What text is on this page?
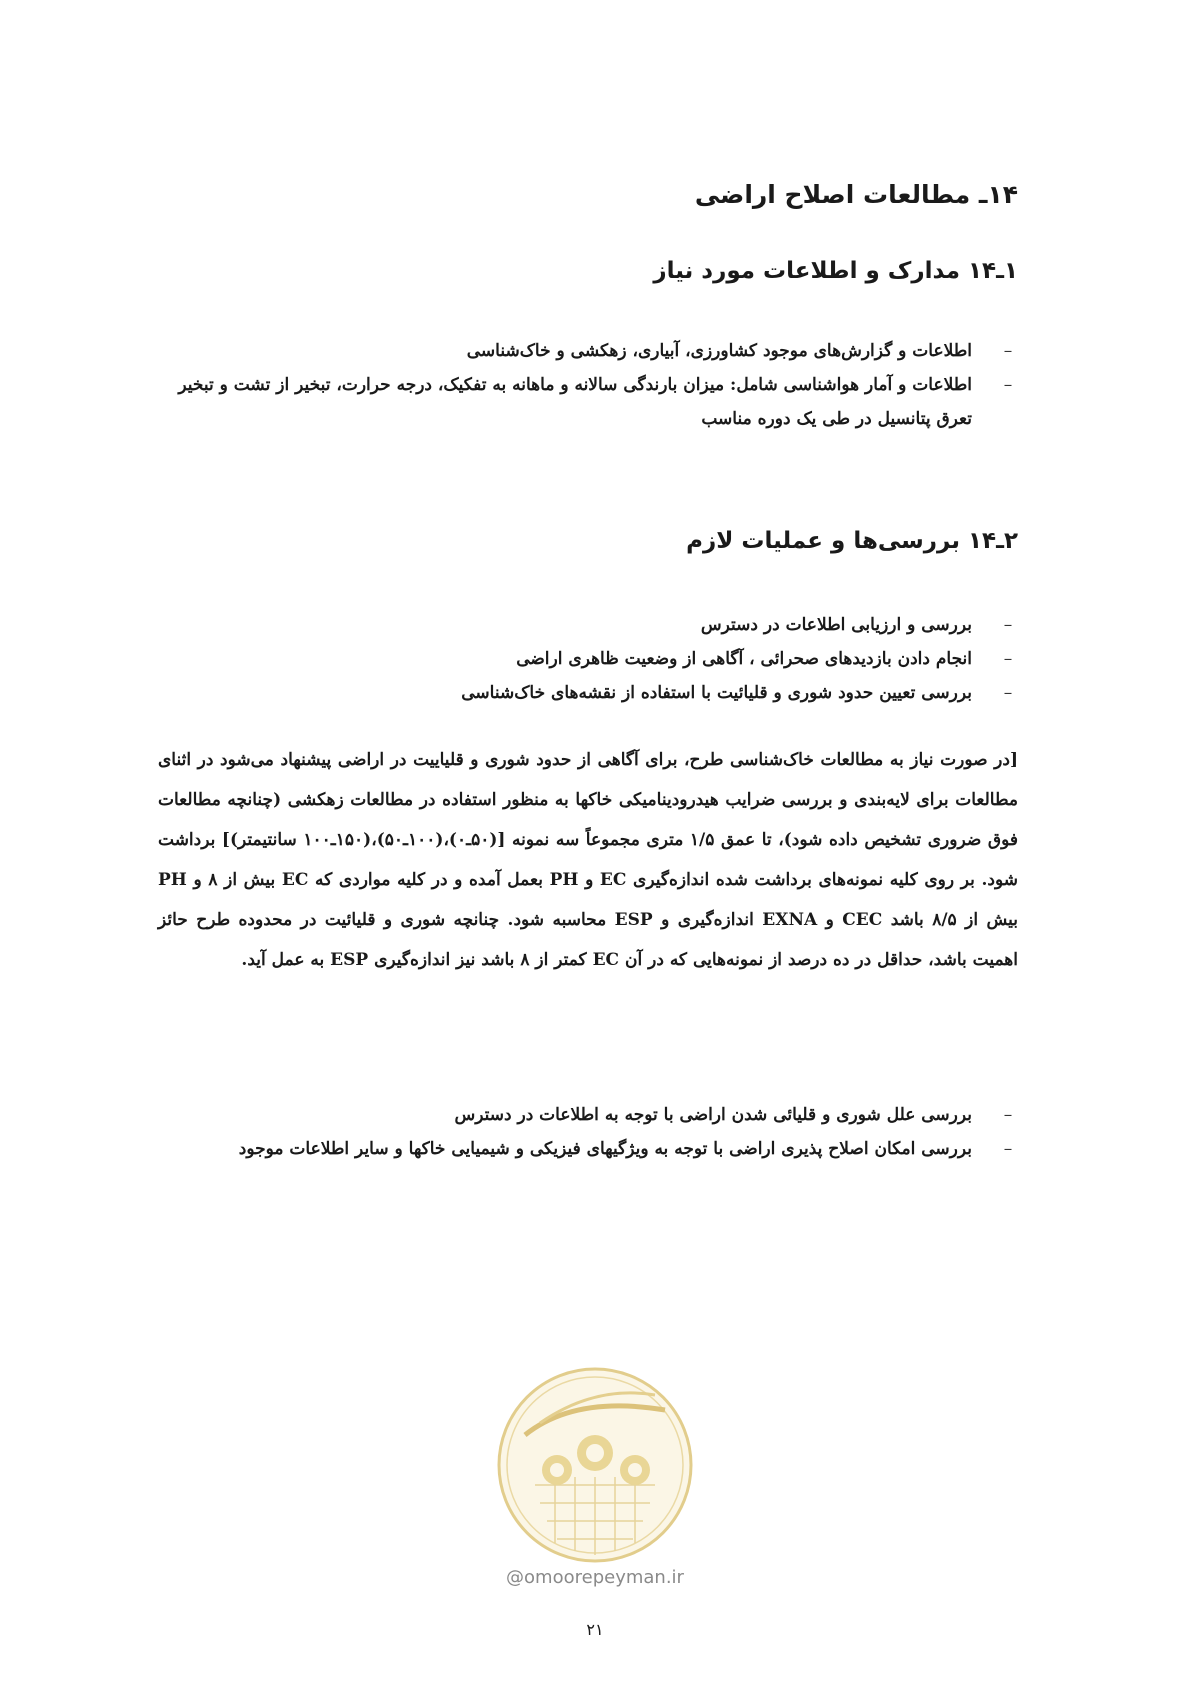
۱۴ـ مطالعات اصلاح اراضی
۱ـ۱۴ مدارک و اطلاعات مورد نیاز
–
اطلاعات و گزارش‌های موجود کشاورزی، آبیاری، زهکشی و خاک‌شناسی
–
اطلاعات و آمار هواشناسی شامل: میزان بارندگی سالانه و ماهانه به تفکیک، درجه حرارت، تبخیر از تشت و تبخیر تعرق پتانسیل در طی یک دوره مناسب
۲ـ۱۴ بررسی‌ها و عملیات لازم
–
بررسی و ارزیابی اطلاعات در دسترس
–
انجام دادن بازدیدهای صحرائی ، آگاهی از وضعیت ظاهری اراضی
–
بررسی تعیین حدود شوری و قلیائیت با استفاده از نقشه‌های خاک‌شناسی
[در صورت نیاز به مطالعات خاک‌شناسی طرح، برای آگاهی از حدود شوری و قلیاییت در اراضی پیشنهاد می‌شود در اثنای مطالعات برای لایه‌بندی و بررسی ضرایب هیدرودینامیکی خاکها به منظور استفاده در مطالعات زهکشی (چنانچه مطالعات فوق ضروری تشخیص داده شود)، تا عمق ۱/۵ متری مجموعاً سه نمونه [(۵۰ـ۰)،(۱۰۰ـ۵۰)،(۱۵۰ـ۱۰۰ سانتیمتر)] برداشت شود. بر روی کلیه نمونه‌های برداشت شده اندازه‌گیری EC و PH بعمل آمده و در کلیه مواردی که EC بیش از ۸ و PH بیش از ۸/۵ باشد CEC و EXNA اندازه‌گیری و ESP محاسبه شود. چنانچه شوری و قلیائیت در محدوده طرح حائز اهمیت باشد، حداقل در ده درصد از نمونه‌هایی که در آن EC کمتر از ۸ باشد نیز اندازه‌گیری ESP به عمل آید.
–
بررسی علل شوری و قلیائی شدن اراضی با توجه به اطلاعات در دسترس
–
بررسی امکان اصلاح پذیری اراضی با توجه به ویژگیهای فیزیکی و شیمیایی خاکها و سایر اطلاعات موجود
@omoorepeyman.ir
۲۱
